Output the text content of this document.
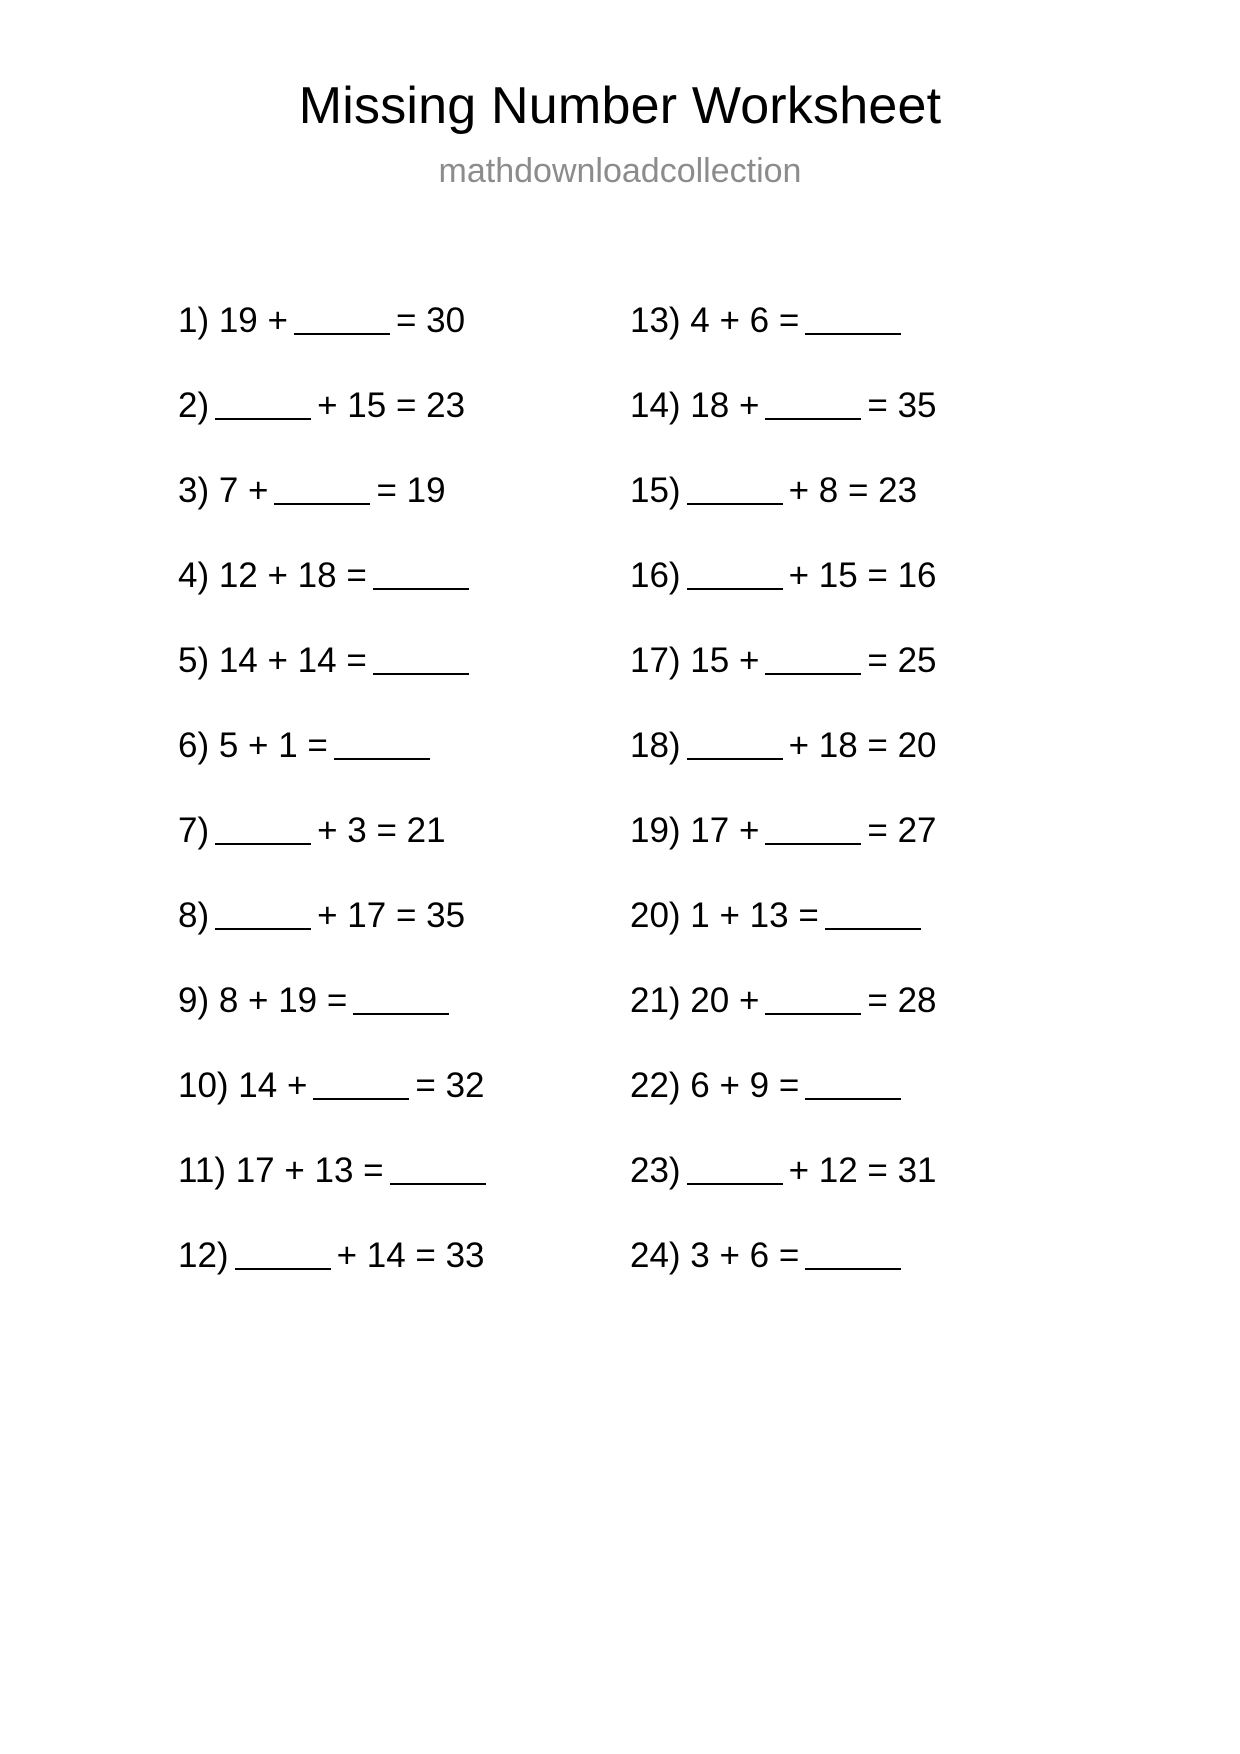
Missing Number Worksheet
mathdownloadcollection
1) 19 +	= 30
2)	+ 15 = 23
3) 7 +	= 19
4) 12 + 18 =
5) 14 + 14 =
6) 5 + 1 =
7)	+ 3 = 21
8)	+ 17 = 35
9) 8 + 19 =
10) 14 +	= 32
11) 17 + 13 =
12)	+ 14 = 33
13) 4 + 6 =
14) 18 +	= 35
15)	+ 8 = 23
16)	+ 15 = 16
17) 15 +	= 25
18)	+ 18 = 20
19) 17 +	= 27
20) 1 + 13 =
21) 20 +	= 28
22) 6 + 9 =
23)	+ 12 = 31
24) 3 + 6 =
